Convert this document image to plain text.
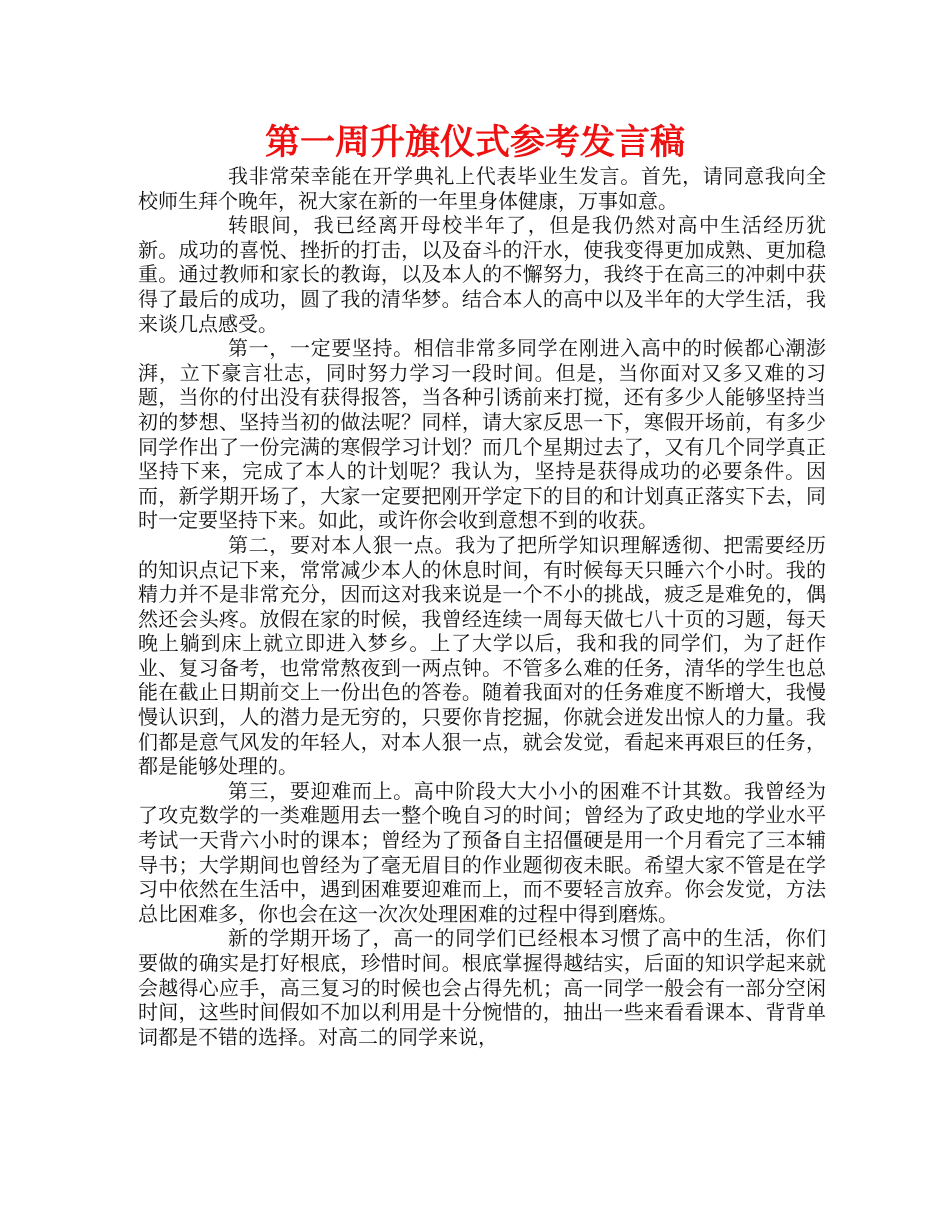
第一周升旗仪式参考发言稿

我非常荣幸能在开学典礼上代表毕业生发言。首先，请同意我向全校师生拜个晚年，祝大家在新的一年里身体健康，万事如意。

转眼间，我已经离开母校半年了，但是我仍然对高中生活经历犹新。成功的喜悦、挫折的打击，以及奋斗的汗水，使我变得更加成熟、更加稳重。通过教师和家长的教诲，以及本人的不懈努力，我终于在高三的冲刺中获得了最后的成功，圆了我的清华梦。结合本人的高中以及半年的大学生活，我来谈几点感受。

第一，一定要坚持。相信非常多同学在刚进入高中的时候都心潮澎湃，立下豪言壮志，同时努力学习一段时间。但是，当你面对又多又难的习题，当你的付出没有获得报答，当各种引诱前来打搅，还有多少人能够坚持当初的梦想、坚持当初的做法呢？同样，请大家反思一下，寒假开场前，有多少同学作出了一份完满的寒假学习计划？而几个星期过去了，又有几个同学真正坚持下来，完成了本人的计划呢？我认为，坚持是获得成功的必要条件。因而，新学期开场了，大家一定要把刚开学定下的目的和计划真正落实下去，同时一定要坚持下来。如此，或许你会收到意想不到的收获。

第二，要对本人狠一点。我为了把所学知识理解透彻、把需要经历的知识点记下来，常常减少本人的休息时间，有时候每天只睡六个小时。我的精力并不是非常充分，因而这对我来说是一个不小的挑战，疲乏是难免的，偶然还会头疼。放假在家的时候，我曾经连续一周每天做七八十页的习题，每天晚上躺到床上就立即进入梦乡。上了大学以后，我和我的同学们，为了赶作业、复习备考，也常常熬夜到一两点钟。不管多么难的任务，清华的学生也总能在截止日期前交上一份出色的答卷。随着我面对的任务难度不断增大，我慢慢认识到，人的潜力是无穷的，只要你肯挖掘，你就会迸发出惊人的力量。我们都是意气风发的年轻人，对本人狠一点，就会发觉，看起来再艰巨的任务，都是能够处理的。

第三，要迎难而上。高中阶段大大小小的困难不计其数。我曾经为了攻克数学的一类难题用去一整个晚自习的时间；曾经为了政史地的学业水平考试一天背六小时的课本；曾经为了预备自主招僵硬是用一个月看完了三本辅导书；大学期间也曾经为了毫无眉目的作业题彻夜未眠。希望大家不管是在学习中依然在生活中，遇到困难要迎难而上，而不要轻言放弃。你会发觉，方法总比困难多，你也会在这一次次处理困难的过程中得到磨炼。

新的学期开场了，高一的同学们已经根本习惯了高中的生活，你们要做的确实是打好根底，珍惜时间。根底掌握得越结实，后面的知识学起来就会越得心应手，高三复习的时候也会占得先机；高一同学一般会有一部分空闲时间，这些时间假如不加以利用是十分惋惜的，抽出一些来看看课本、背背单词都是不错的选择。对高二的同学来说，
